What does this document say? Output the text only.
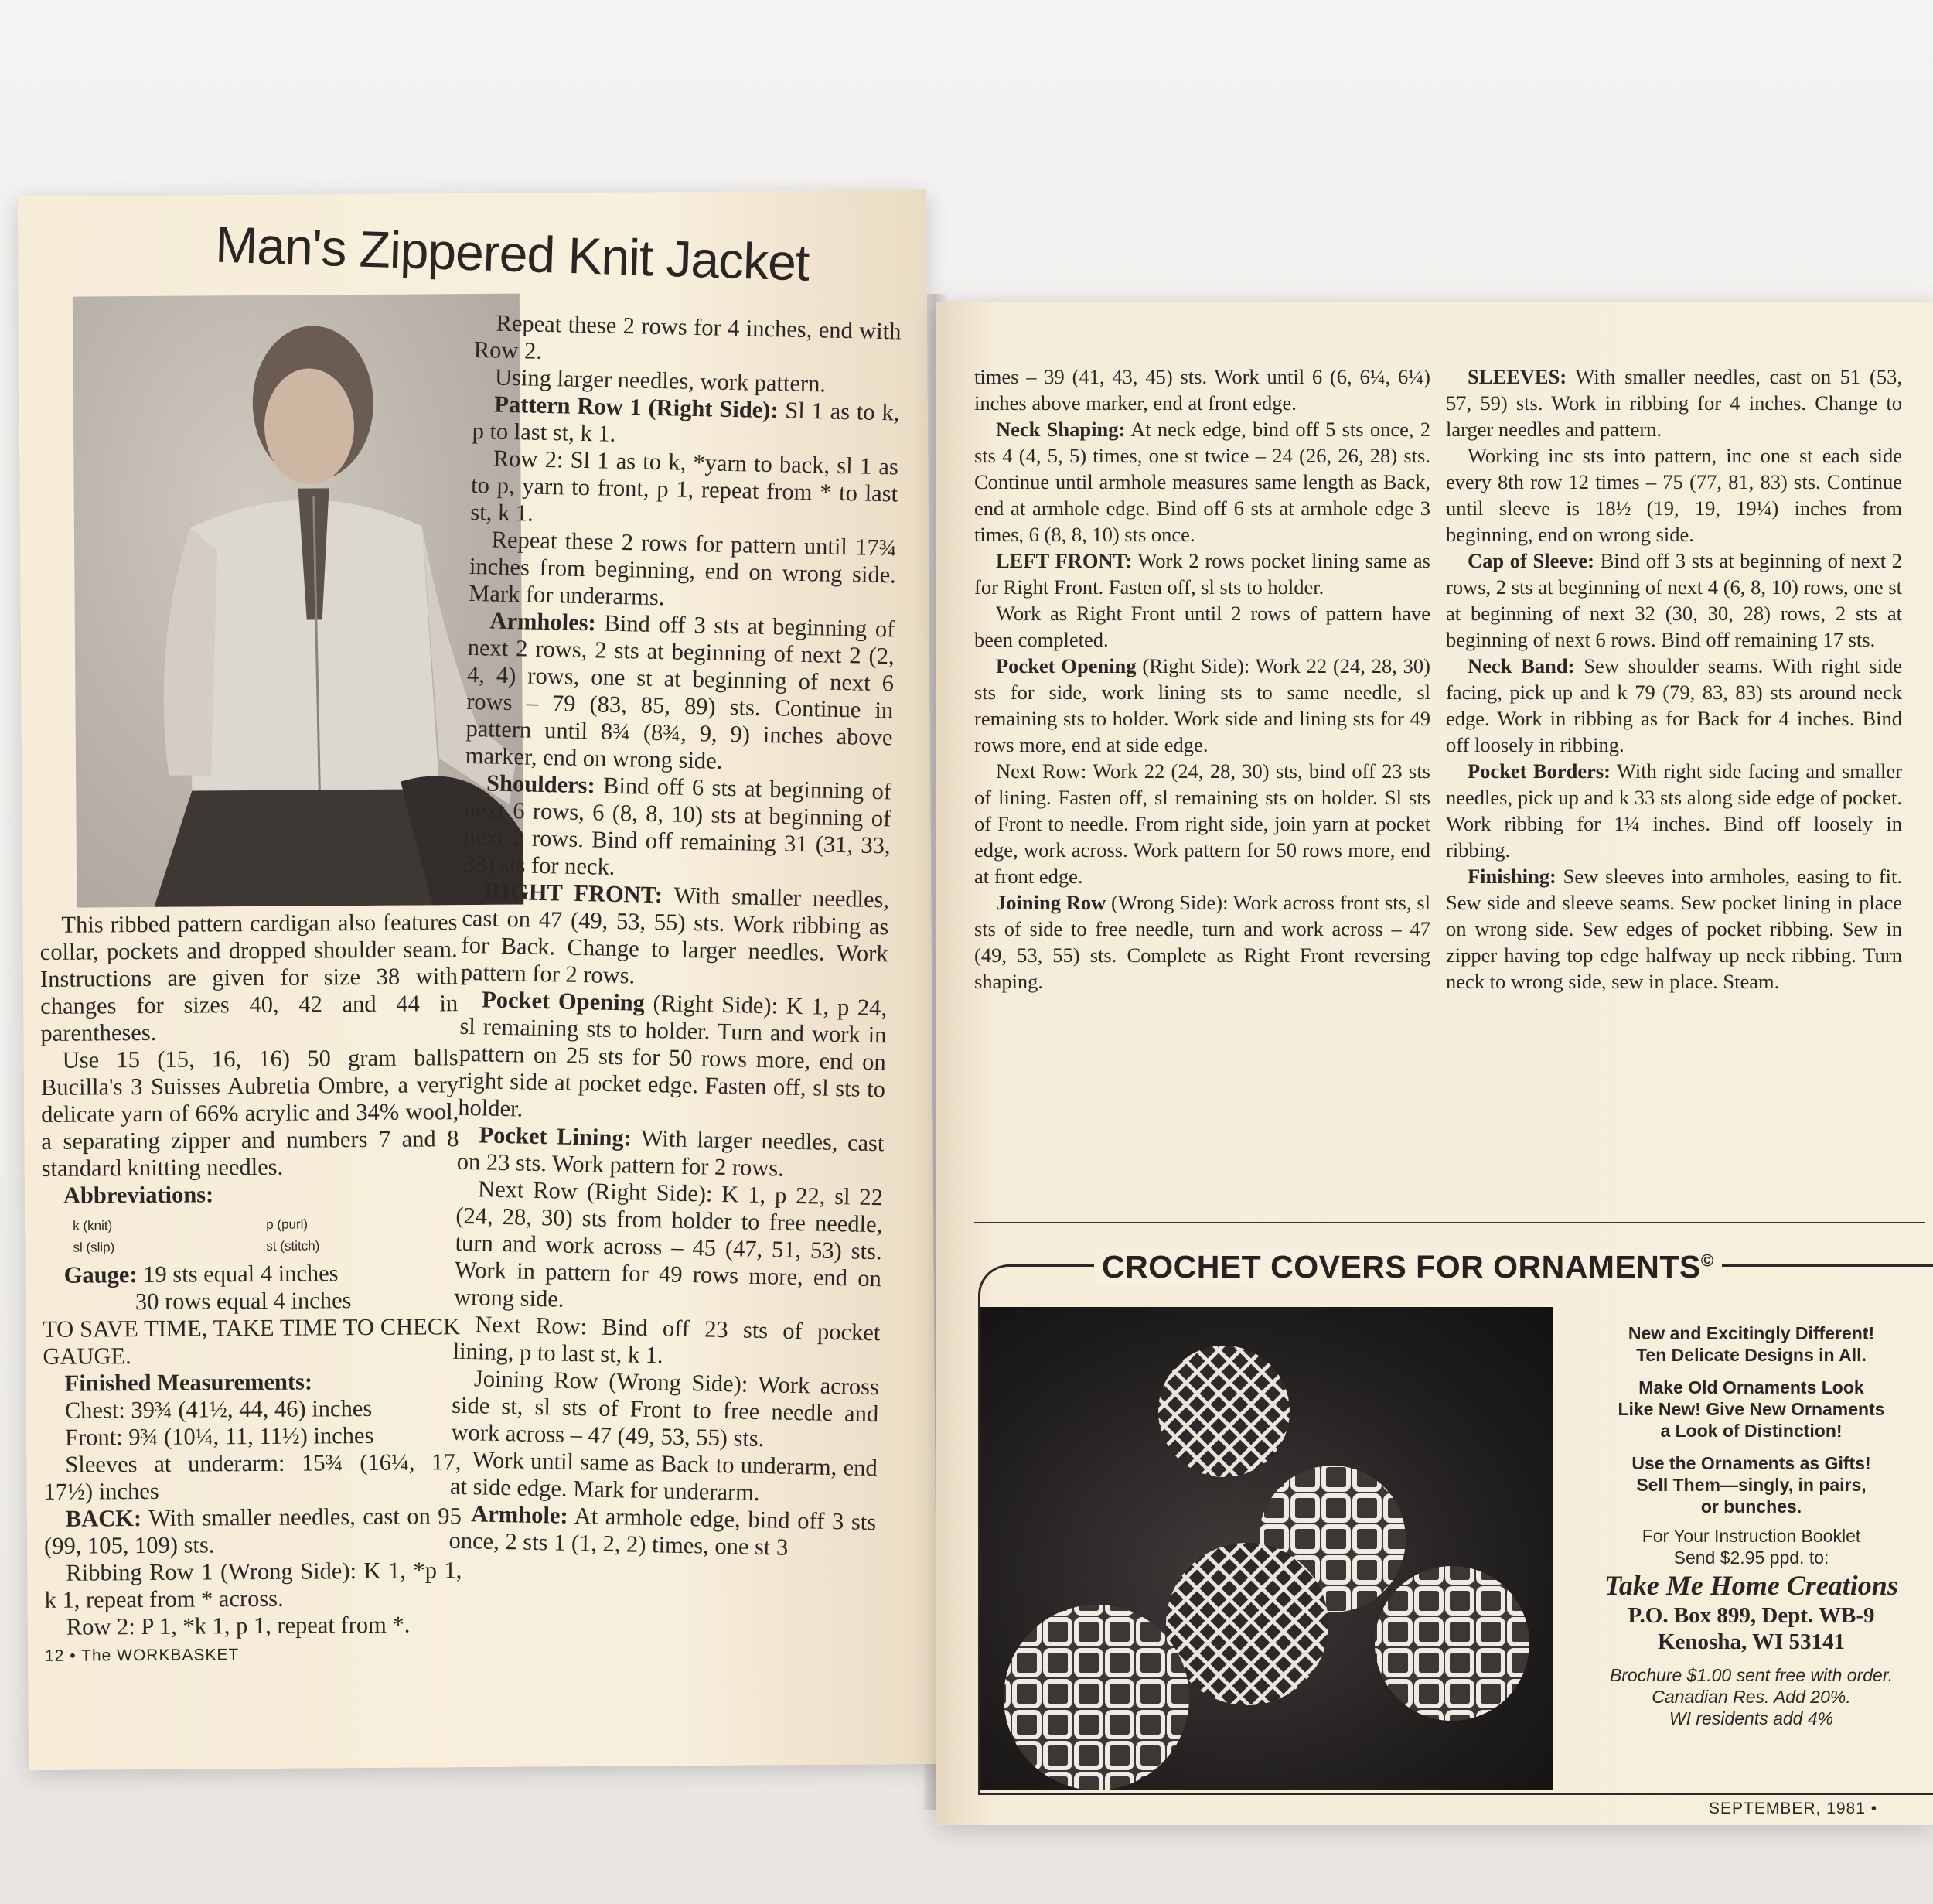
Man's Zippered Knit Jacket

This ribbed pattern cardigan also features collar, pockets and dropped shoulder seam. Instructions are given for size 38 with changes for sizes 40, 42 and 44 in parentheses.

Use 15 (15, 16, 16) 50 gram balls Bucilla's 3 Suisses Aubretia Ombre, a very delicate yarn of 66% acrylic and 34% wool, a separating zipper and numbers 7 and 8 standard knitting needles.

Abbreviations:

k (knit)	p (purl)
sl (slip)	st (stitch)

Gauge: 19 sts equal 4 inches

30 rows equal 4 inches

TO SAVE TIME, TAKE TIME TO CHECK GAUGE.

Finished Measurements:

Chest: 39¾ (41½, 44, 46) inches

Front: 9¾ (10¼, 11, 11½) inches

Sleeves at underarm: 15¾ (16¼, 17, 17½) inches

BACK: With smaller needles, cast on 95 (99, 105, 109) sts.

Ribbing Row 1 (Wrong Side): K 1, *p 1, k 1, repeat from * across.

Row 2: P 1, *k 1, p 1, repeat from *.

12 • The WORKBASKET

Repeat these 2 rows for 4 inches, end with Row 2.

Using larger needles, work pattern.

Pattern Row 1 (Right Side): Sl 1 as to k, p to last st, k 1.

Row 2: Sl 1 as to k, *yarn to back, sl 1 as to p, yarn to front, p 1, repeat from * to last st, k 1.

Repeat these 2 rows for pattern until 17¾ inches from beginning, end on wrong side. Mark for underarms.

Armholes: Bind off 3 sts at beginning of next 2 rows, 2 sts at beginning of next 2 (2, 4, 4) rows, one st at beginning of next 6 rows – 79 (83, 85, 89) sts. Continue in pattern until 8¾ (8¾, 9, 9) inches above marker, end on wrong side.

Shoulders: Bind off 6 sts at beginning of next 6 rows, 6 (8, 8, 10) sts at beginning of next 2 rows. Bind off remaining 31 (31, 33, 33) sts for neck.

RIGHT FRONT: With smaller needles, cast on 47 (49, 53, 55) sts. Work ribbing as for Back. Change to larger needles. Work pattern for 2 rows.

Pocket Opening (Right Side): K 1, p 24, sl remaining sts to holder. Turn and work in pattern on 25 sts for 50 rows more, end on right side at pocket edge. Fasten off, sl sts to holder.

Pocket Lining: With larger needles, cast on 23 sts. Work pattern for 2 rows.

Next Row (Right Side): K 1, p 22, sl 22 (24, 28, 30) sts from holder to free needle, turn and work across – 45 (47, 51, 53) sts. Work in pattern for 49 rows more, end on wrong side.

Next Row: Bind off 23 sts of pocket lining, p to last st, k 1.

Joining Row (Wrong Side): Work across side st, sl sts of Front to free needle and work across – 47 (49, 53, 55) sts.

Work until same as Back to underarm, end at side edge. Mark for underarm.

Armhole: At armhole edge, bind off 3 sts once, 2 sts 1 (1, 2, 2) times, one st 3

times – 39 (41, 43, 45) sts. Work until 6 (6, 6¼, 6¼) inches above marker, end at front edge.

Neck Shaping: At neck edge, bind off 5 sts once, 2 sts 4 (4, 5, 5) times, one st twice – 24 (26, 26, 28) sts. Continue until armhole measures same length as Back, end at armhole edge. Bind off 6 sts at armhole edge 3 times, 6 (8, 8, 10) sts once.

LEFT FRONT: Work 2 rows pocket lining same as for Right Front. Fasten off, sl sts to holder.

Work as Right Front until 2 rows of pattern have been completed.

Pocket Opening (Right Side): Work 22 (24, 28, 30) sts for side, work lining sts to same needle, sl remaining sts to holder. Work side and lining sts for 49 rows more, end at side edge.

Next Row: Work 22 (24, 28, 30) sts, bind off 23 sts of lining. Fasten off, sl remaining sts on holder. Sl sts of Front to needle. From right side, join yarn at pocket edge, work across. Work pattern for 50 rows more, end at front edge.

Joining Row (Wrong Side): Work across front sts, sl sts of side to free needle, turn and work across – 47 (49, 53, 55) sts. Complete as Right Front reversing shaping.

SLEEVES: With smaller needles, cast on 51 (53, 57, 59) sts. Work in ribbing for 4 inches. Change to larger needles and pattern.

Working inc sts into pattern, inc one st each side every 8th row 12 times – 75 (77, 81, 83) sts. Continue until sleeve is 18½ (19, 19, 19¼) inches from beginning, end on wrong side.

Cap of Sleeve: Bind off 3 sts at beginning of next 2 rows, 2 sts at beginning of next 4 (6, 8, 10) rows, one st at beginning of next 32 (30, 30, 28) rows, 2 sts at beginning of next 6 rows. Bind off remaining 17 sts.

Neck Band: Sew shoulder seams. With right side facing, pick up and k 79 (79, 83, 83) sts around neck edge. Work in ribbing as for Back for 4 inches. Bind off loosely in ribbing.

Pocket Borders: With right side facing and smaller needles, pick up and k 33 sts along side edge of pocket. Work ribbing for 1¼ inches. Bind off loosely in ribbing.

Finishing: Sew sleeves into armholes, easing to fit. Sew side and sleeve seams. Sew pocket lining in place on wrong side. Sew edges of pocket ribbing. Sew in zipper having top edge halfway up neck ribbing. Turn neck to wrong side, sew in place. Steam.

CROCHET COVERS FOR ORNAMENTS©
New and Excitingly Different!
Ten Delicate Designs in All.
Make Old Ornaments Look
Like New! Give New Ornaments
a Look of Distinction!
Use the Ornaments as Gifts!
Sell Them—singly, in pairs,
or bunches.
For Your Instruction Booklet
Send $2.95 ppd. to:
Take Me Home Creations
P.O. Box 899, Dept. WB-9
Kenosha, WI 53141
Brochure $1.00 sent free with order.
Canadian Res. Add 20%.
WI residents add 4%
SEPTEMBER, 1981 •
